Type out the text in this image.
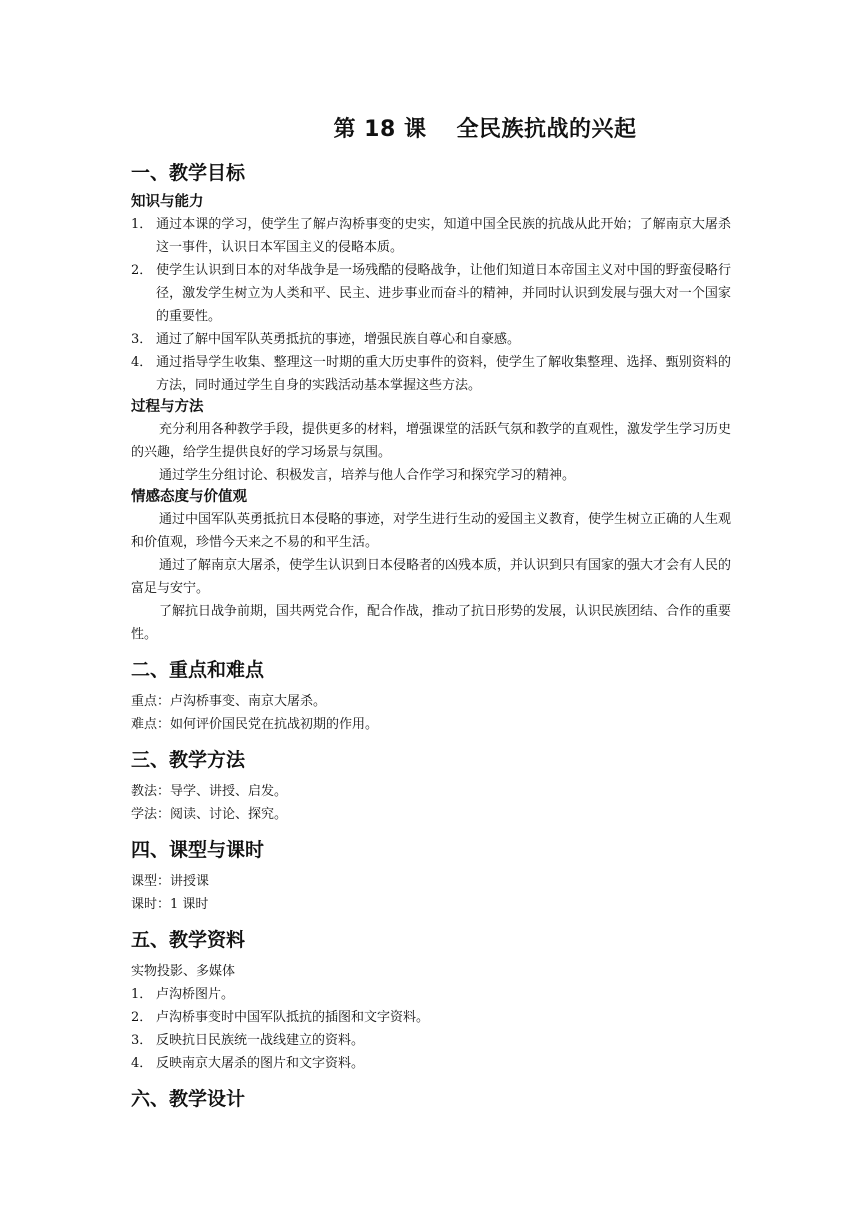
第 18 课 全民族抗战的兴起
一、教学目标
知识与能力

1． 通过本课的学习，使学生了解卢沟桥事变的史实，知道中国全民族的抗战从此开始；了解南京大屠杀这一事件，认识日本军国主义的侵略本质。

2． 使学生认识到日本的对华战争是一场残酷的侵略战争，让他们知道日本帝国主义对中国的野蛮侵略行径，激发学生树立为人类和平、民主、进步事业而奋斗的精神，并同时认识到发展与强大对一个国家的重要性。

3． 通过了解中国军队英勇抵抗的事迹，增强民族自尊心和自豪感。

4． 通过指导学生收集、整理这一时期的重大历史事件的资料，使学生了解收集整理、选择、甄别资料的方法，同时通过学生自身的实践活动基本掌握这些方法。

过程与方法

充分利用各种教学手段，提供更多的材料，增强课堂的活跃气氛和教学的直观性，激发学生学习历史的兴趣，给学生提供良好的学习场景与氛围。

通过学生分组讨论、积极发言，培养与他人合作学习和探究学习的精神。

情感态度与价值观

通过中国军队英勇抵抗日本侵略的事迹，对学生进行生动的爱国主义教育，使学生树立正确的人生观和价值观，珍惜今天来之不易的和平生活。

通过了解南京大屠杀，使学生认识到日本侵略者的凶残本质，并认识到只有国家的强大才会有人民的富足与安宁。

了解抗日战争前期，国共两党合作，配合作战，推动了抗日形势的发展，认识民族团结、合作的重要性。

二、重点和难点

重点：卢沟桥事变、南京大屠杀。

难点：如何评价国民党在抗战初期的作用。

三、教学方法

教法：导学、讲授、启发。

学法：阅读、讨论、探究。

四、课型与课时

课型：讲授课

课时：1 课时

五、教学资料

实物投影、多媒体

1． 卢沟桥图片。

2． 卢沟桥事变时中国军队抵抗的插图和文字资料。

3． 反映抗日民族统一战线建立的资料。

4． 反映南京大屠杀的图片和文字资料。

六、教学设计
